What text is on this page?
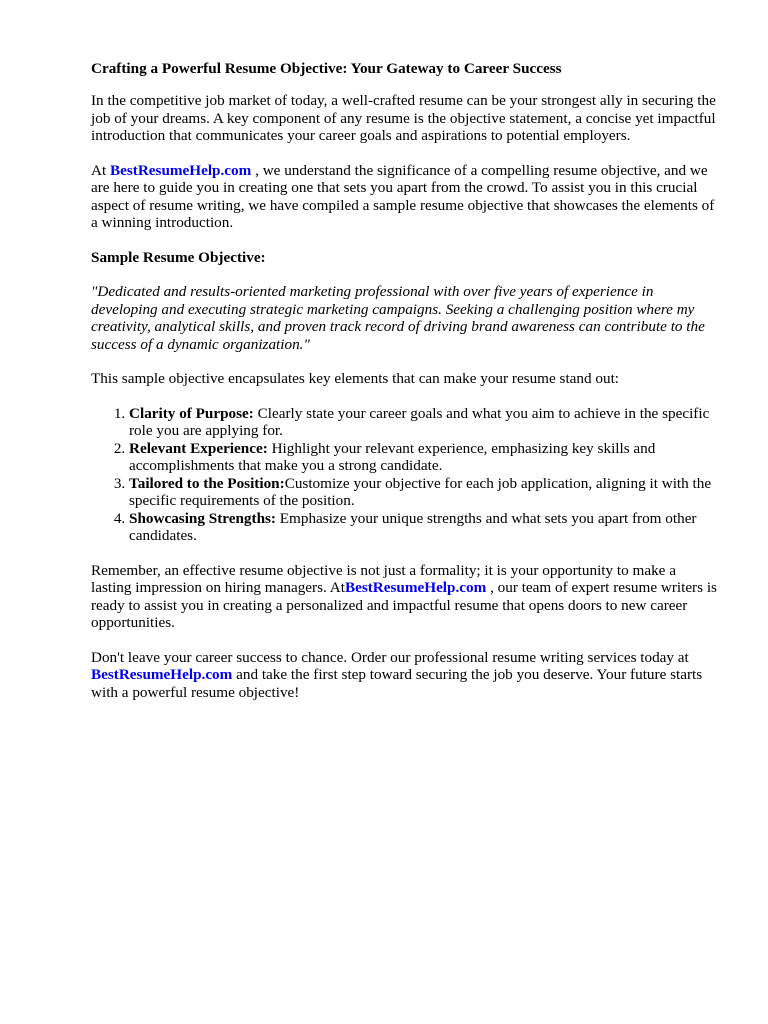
Crafting a Powerful Resume Objective: Your Gateway to Career Success

In the competitive job market of today, a well-crafted resume can be your strongest ally in securing the job of your dreams. A key component of any resume is the objective statement, a concise yet impactful introduction that communicates your career goals and aspirations to potential employers.

At BestResumeHelp.com , we understand the significance of a compelling resume objective, and we are here to guide you in creating one that sets you apart from the crowd. To assist you in this crucial aspect of resume writing, we have compiled a sample resume objective that showcases the elements of a winning introduction.

Sample Resume Objective:
"Dedicated and results-oriented marketing professional with over five years of experience in developing and executing strategic marketing campaigns. Seeking a challenging position where my creativity, analytical skills, and proven track record of driving brand awareness can contribute to the success of a dynamic organization."

This sample objective encapsulates key elements that can make your resume stand out:

1. Clarity of Purpose: Clearly state your career goals and what you aim to achieve in the specific role you are applying for.
2. Relevant Experience: Highlight your relevant experience, emphasizing key skills and accomplishments that make you a strong candidate.
3. Tailored to the Position:Customize your objective for each job application, aligning it with the specific requirements of the position.
4. Showcasing Strengths: Emphasize your unique strengths and what sets you apart from other candidates.

Remember, an effective resume objective is not just a formality; it is your opportunity to make a lasting impression on hiring managers. AtBestResumeHelp.com , our team of expert resume writers is ready to assist you in creating a personalized and impactful resume that opens doors to new career opportunities.

Don't leave your career success to chance. Order our professional resume writing services today at BestResumeHelp.com and take the first step toward securing the job you deserve. Your future starts with a powerful resume objective!
